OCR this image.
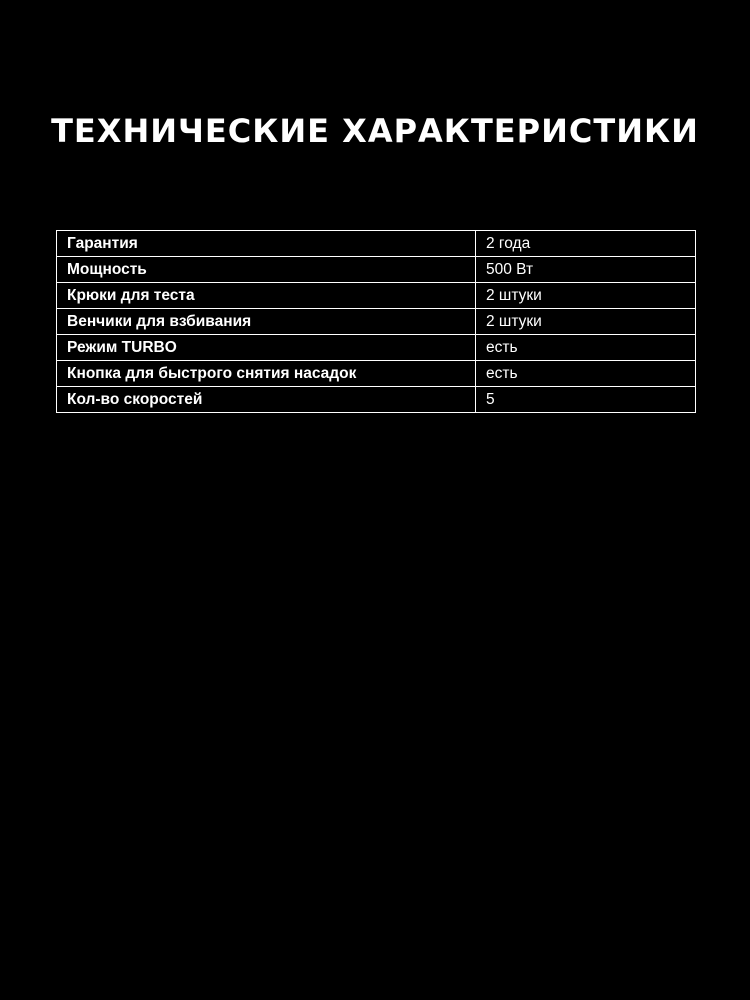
ТЕХНИЧЕСКИЕ ХАРАКТЕРИСТИКИ
Гарантия	2 года
Мощность	500 Вт
Крюки для теста	2 штуки
Венчики для взбивания	2 штуки
Режим TURBO	есть
Кнопка для быстрого снятия насадок	есть
Кол-во скоростей	5
